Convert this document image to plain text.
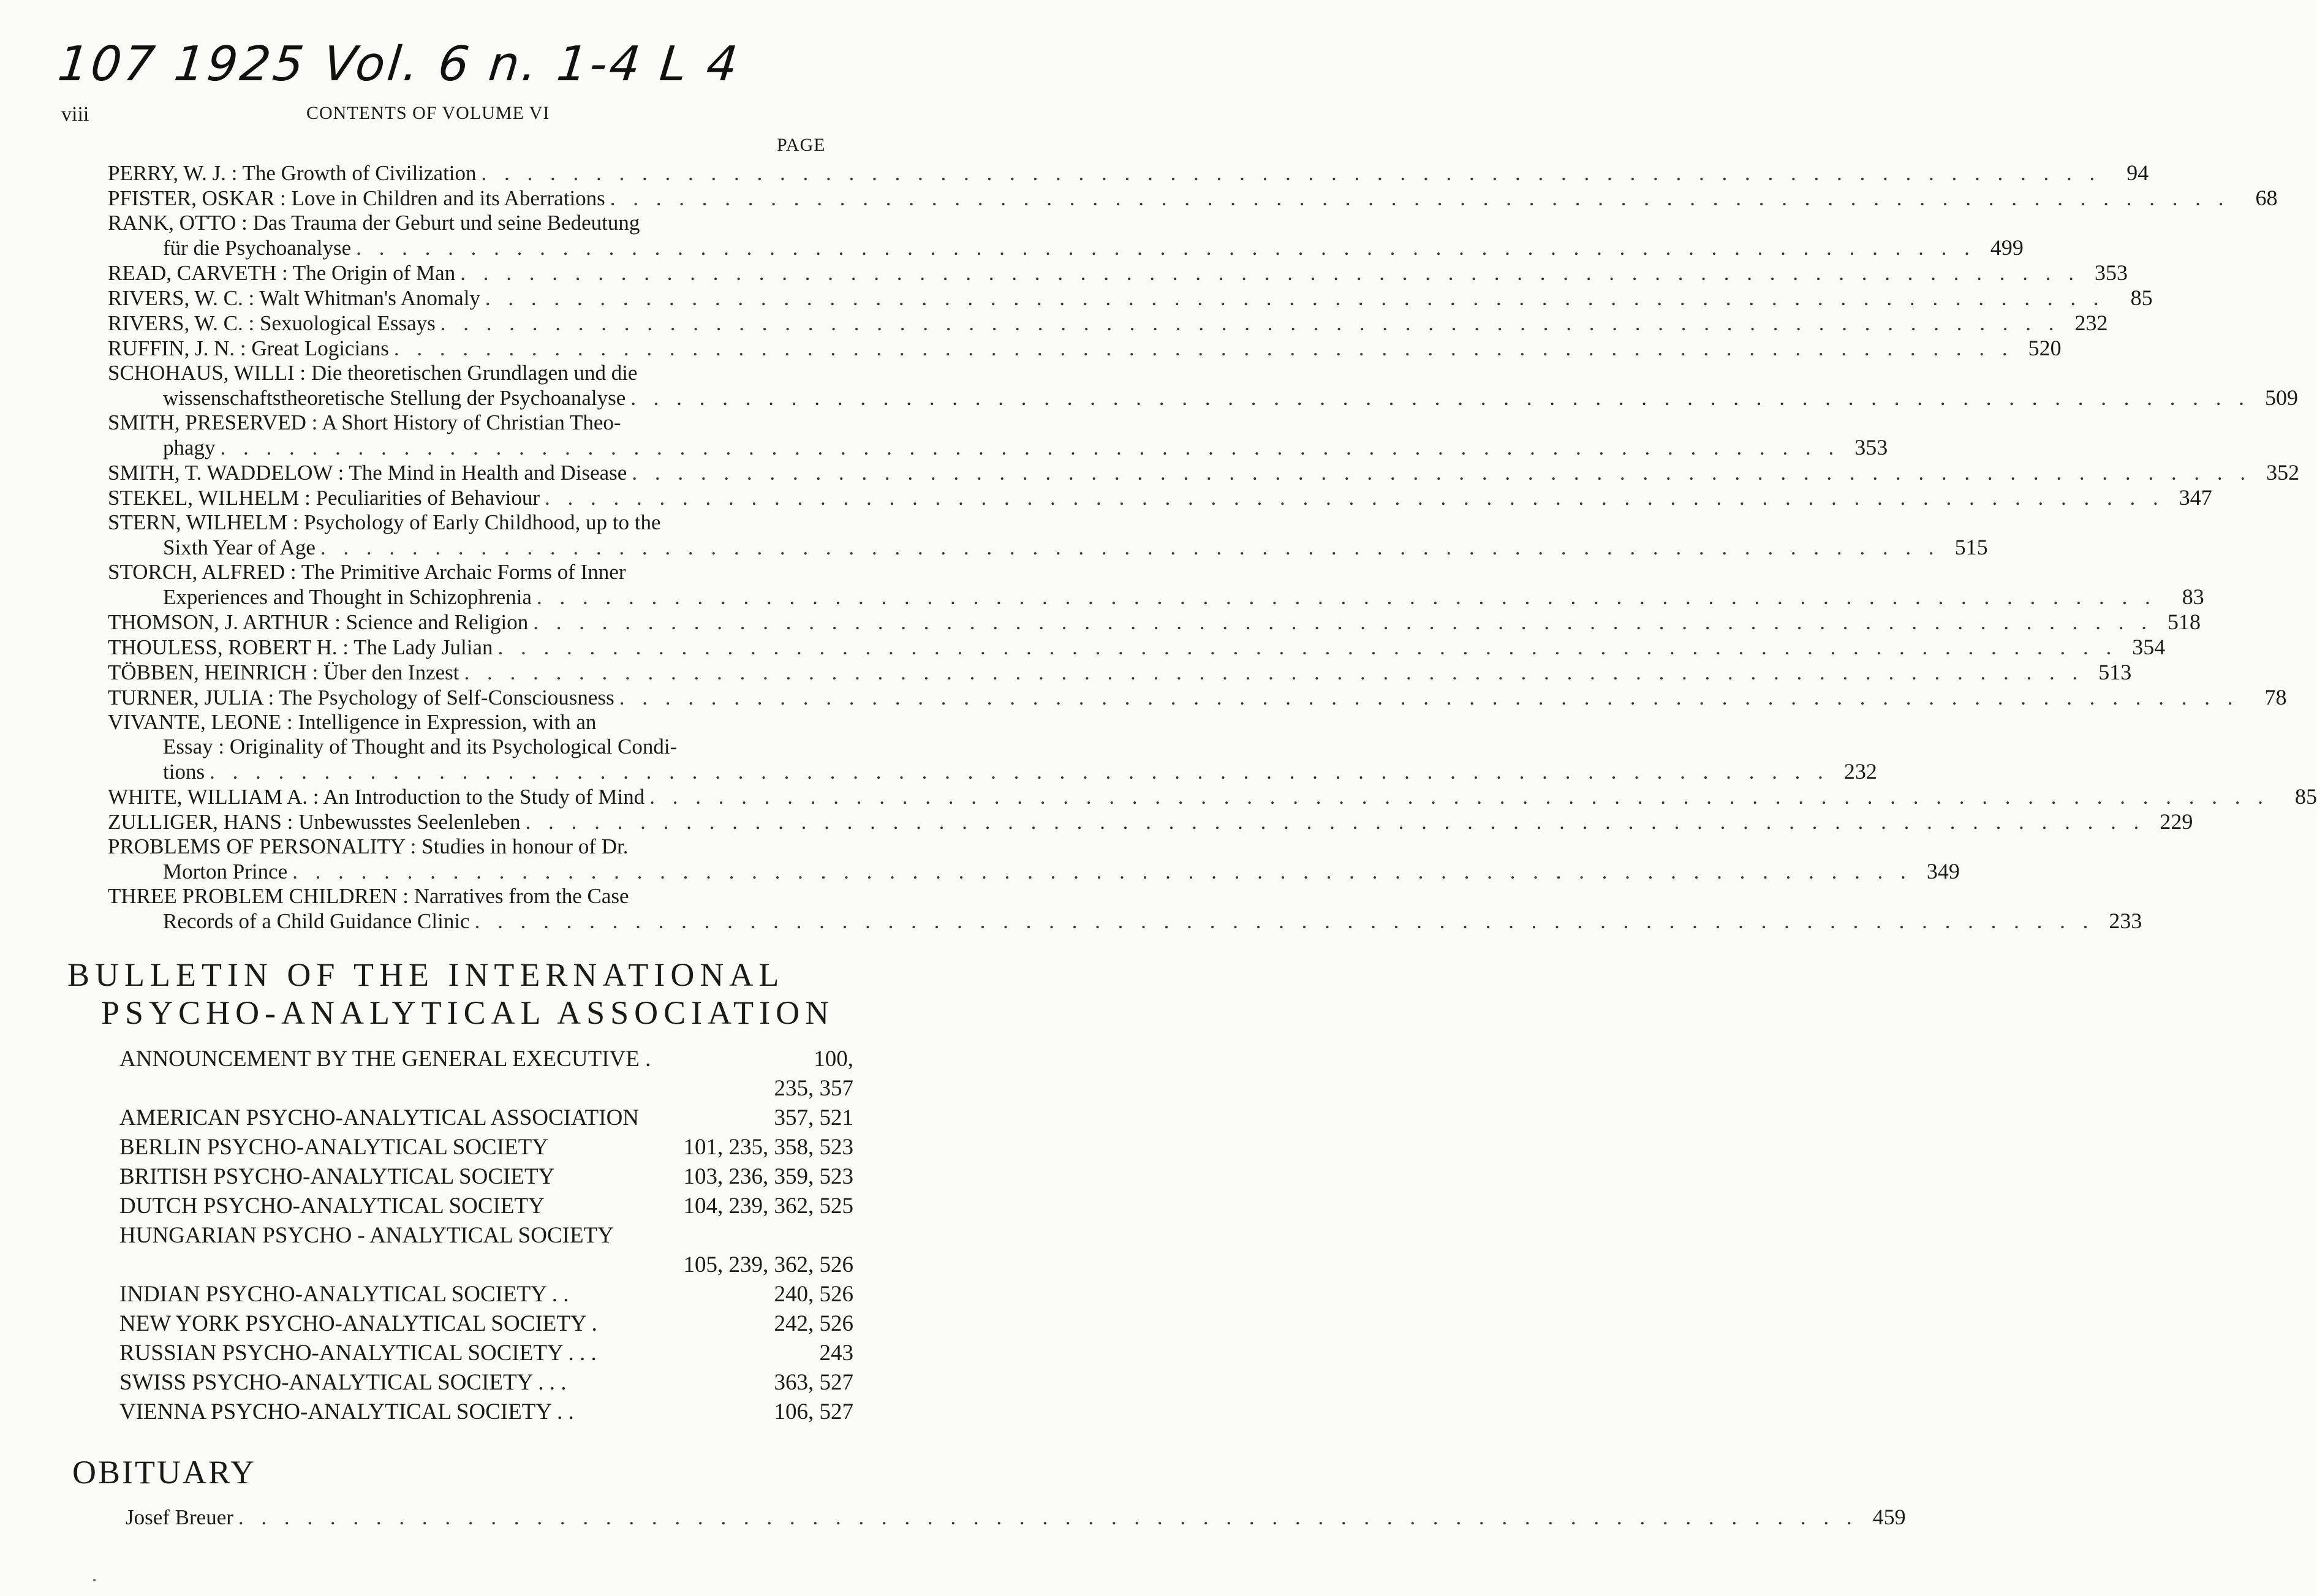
107 1925 Vol. 6 n. 1-4 L 4
viii	CONTENTS OF VOLUME VI
PAGE
PERRY, W. J. : The Growth of Civilization . . .	94
PFISTER, OSKAR : Love in Children and its Aberrations . . .	68
RANK, OTTO : Das Trauma der Geburt und seine Bedeutung
für die Psychoanalyse . . .	499
READ, CARVETH : The Origin of Man . . .	353
RIVERS, W. C. : Walt Whitman's Anomaly . . .	85
RIVERS, W. C. : Sexuological Essays . . .	232
RUFFIN, J. N. : Great Logicians . . .	520
SCHOHAUS, WILLI : Die theoretischen Grundlagen und die
wissenschaftstheoretische Stellung der Psychoanalyse . . .	509
SMITH, PRESERVED : A Short History of Christian Theo-
phagy . . .	353
SMITH, T. WADDELOW : The Mind in Health and Disease . . .	352
STEKEL, WILHELM : Peculiarities of Behaviour . . .	347
STERN, WILHELM : Psychology of Early Childhood, up to the
Sixth Year of Age . . .	515
STORCH, ALFRED : The Primitive Archaic Forms of Inner
Experiences and Thought in Schizophrenia . . .	83
THOMSON, J. ARTHUR : Science and Religion . . .	518
THOULESS, ROBERT H. : The Lady Julian . . .	354
TÖBBEN, HEINRICH : Über den Inzest . . .	513
TURNER, JULIA : The Psychology of Self-Consciousness . . .	78
VIVANTE, LEONE : Intelligence in Expression, with an
Essay : Originality of Thought and its Psychological Condi-
tions . . .	232
WHITE, WILLIAM A. : An Introduction to the Study of Mind . . .	85
ZULLIGER, HANS : Unbewusstes Seelenleben . . .	229
PROBLEMS OF PERSONALITY : Studies in honour of Dr.
Morton Prince . . .	349
THREE PROBLEM CHILDREN : Narratives from the Case
Records of a Child Guidance Clinic . . .	233
BULLETIN OF THE INTERNATIONAL
PSYCHO-ANALYTICAL ASSOCIATION
ANNOUNCEMENT BY THE GENERAL EXECUTIVE .	100,
235, 357
AMERICAN PSYCHO-ANALYTICAL ASSOCIATION	357, 521
BERLIN PSYCHO-ANALYTICAL SOCIETY	101, 235, 358, 523
BRITISH PSYCHO-ANALYTICAL SOCIETY	103, 236, 359, 523
DUTCH PSYCHO-ANALYTICAL SOCIETY	104, 239, 362, 525
HUNGARIAN PSYCHO - ANALYTICAL SOCIETY
105, 239, 362, 526
INDIAN PSYCHO-ANALYTICAL SOCIETY . .	240, 526
NEW YORK PSYCHO-ANALYTICAL SOCIETY .	242, 526
RUSSIAN PSYCHO-ANALYTICAL SOCIETY . . .	243
SWISS PSYCHO-ANALYTICAL SOCIETY . . .	363, 527
VIENNA PSYCHO-ANALYTICAL SOCIETY . .	106, 527
OBITUARY
Josef Breuer . . .	459
